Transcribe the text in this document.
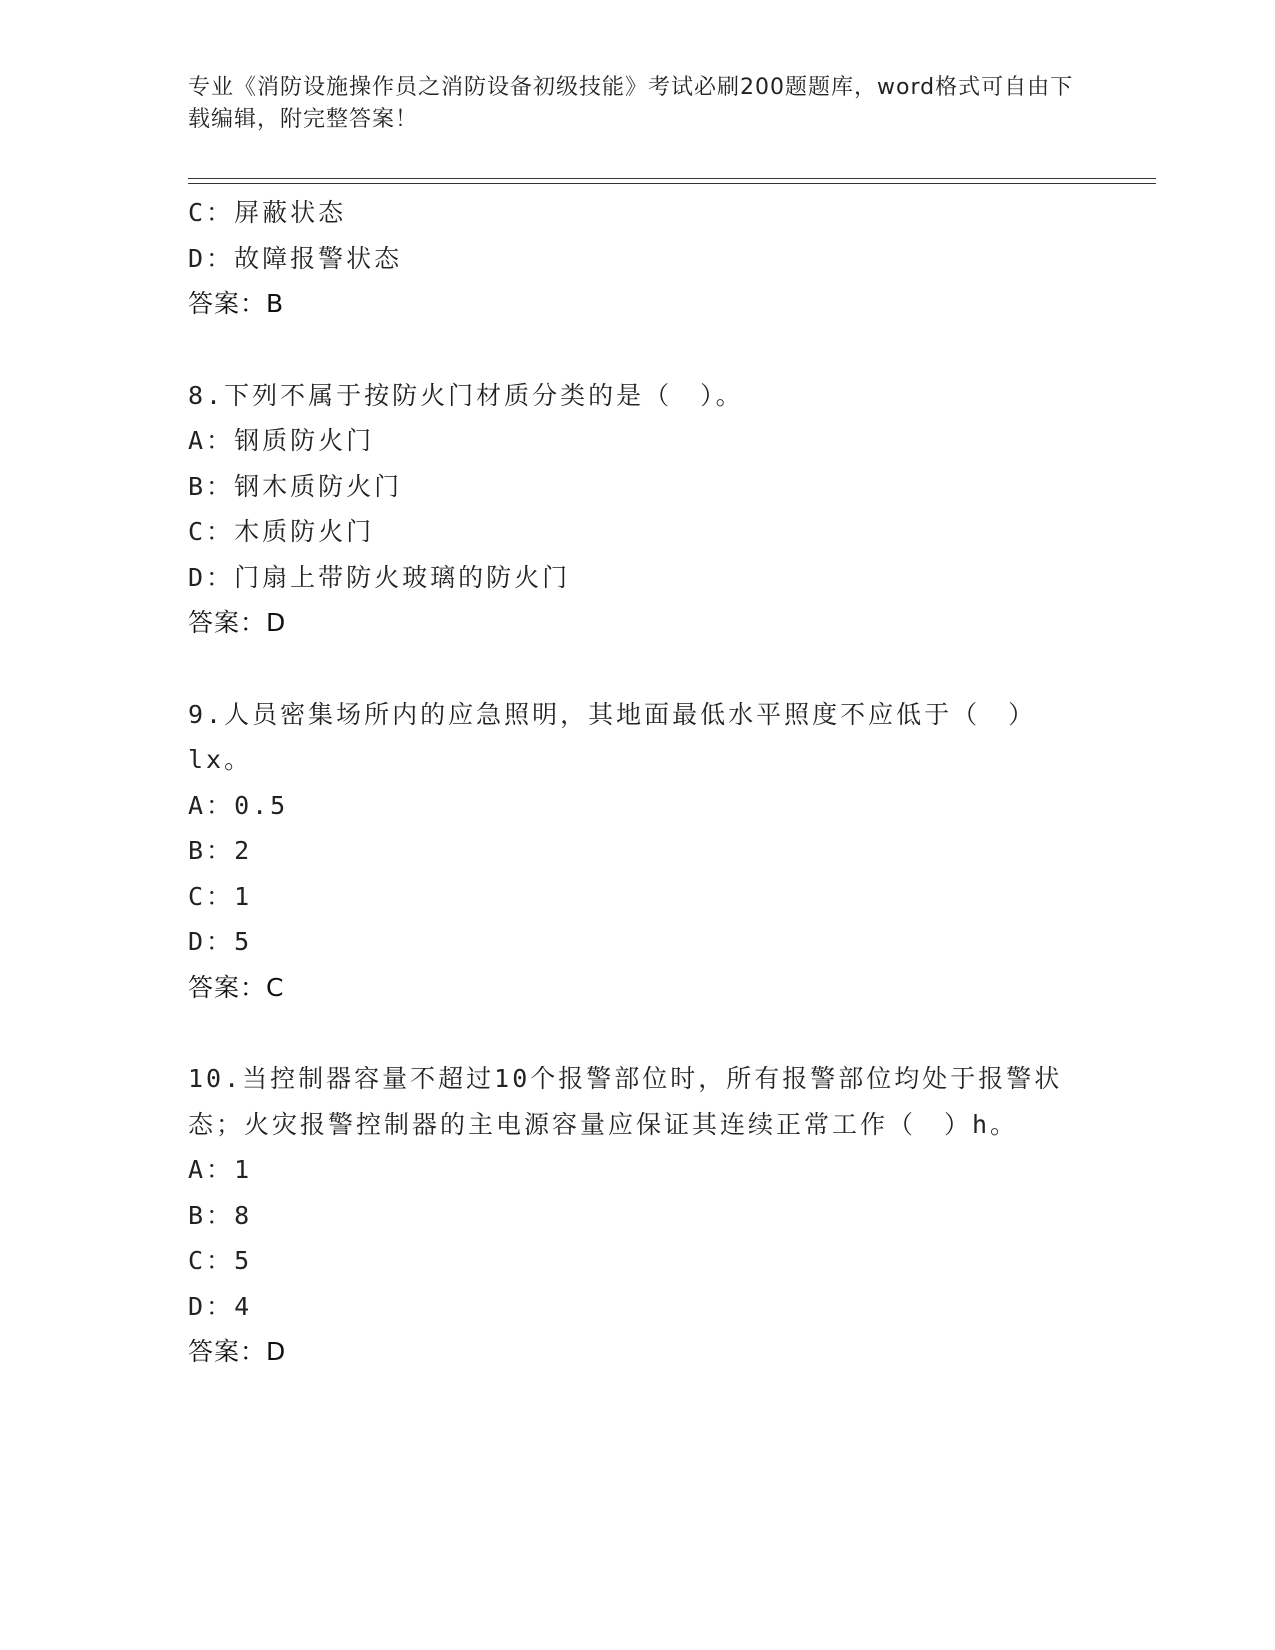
专业《消防设施操作员之消防设备初级技能》考试必刷200题题库，word格式可自由下载编辑，附完整答案！
C：屏蔽状态
D：故障报警状态
答案：B
8.下列不属于按防火门材质分类的是（　）。
A：钢质防火门
B：钢木质防火门
C：木质防火门
D：门扇上带防火玻璃的防火门
答案：D
9.人员密集场所内的应急照明，其地面最低水平照度不应低于（　）lx。
A：0.5
B：2
C：1
D：5
答案：C
10.当控制器容量不超过10个报警部位时，所有报警部位均处于报警状态；火灾报警控制器的主电源容量应保证其连续正常工作（　）h。
A：1
B：8
C：5
D：4
答案：D
